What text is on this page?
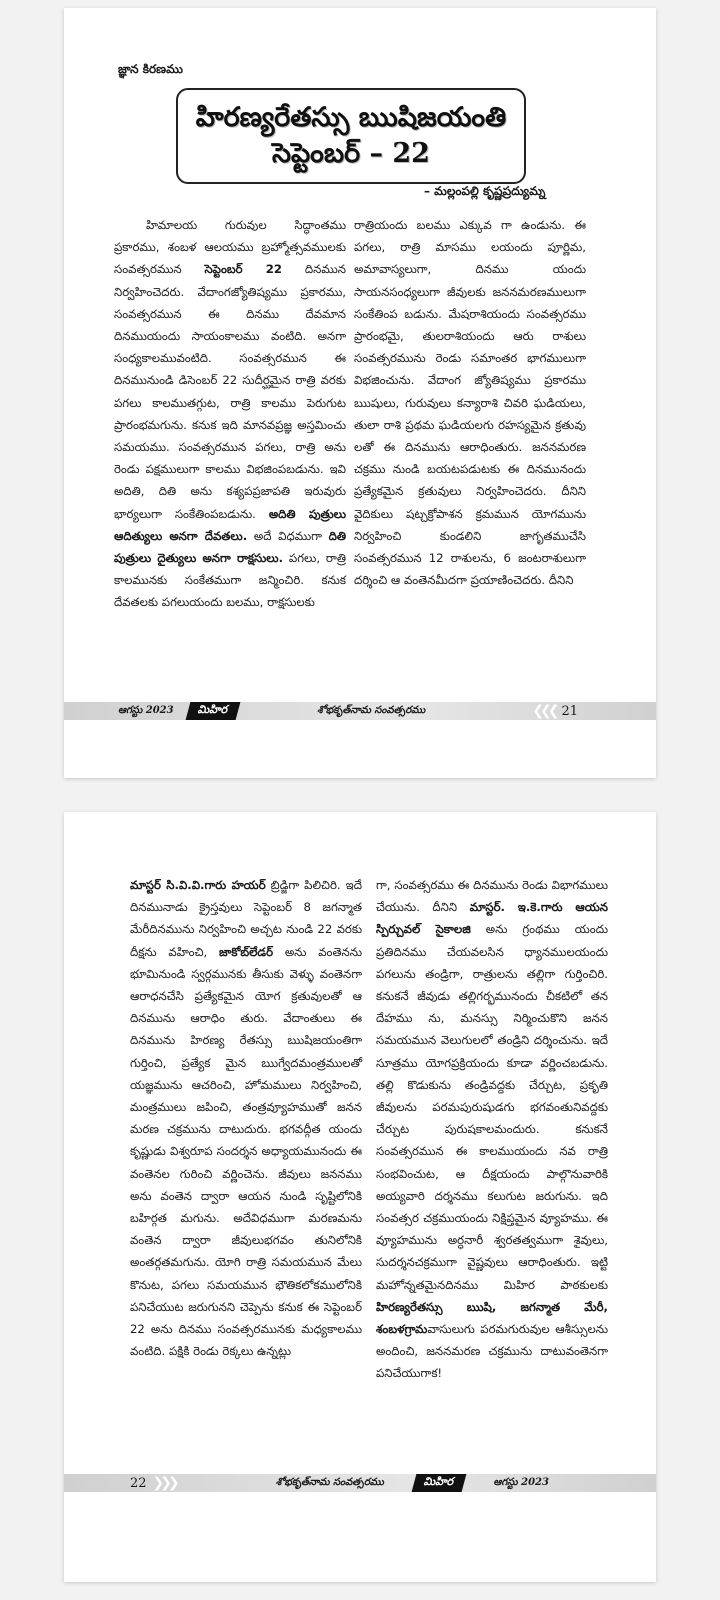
జ్ఞాన కిరణము
హిరణ్యరేతస్సు ఋషిజయంతి
సెప్టెంబర్ – 22
– మల్లంపల్లి కృష్ణప్రద్యుమ్న

హిమాలయ గురువుల సిద్ధాంతము ప్రకారము, శంబళ ఆలయము బ్రహ్మోత్సవములకు సంవత్సరమున సెప్టెంబర్ 22 దినమున నిర్వహించెదరు. వేదాంగజ్యోతిష్యము ప్రకారము, సంవత్సరమున ఈ దినము దేవమాన దినముయందు సాయంకాలము వంటిది. అనగా సంధ్యకాలమువంటిది. సంవత్సరమున ఈ దినమునుండి డిసెంబర్ 22 సుదీర్ఘమైన రాత్రి వరకు పగలు కాలముతగ్గుట, రాత్రి కాలము పెరుగుట ప్రారంభమగును. కనుక ఇది మానవప్రజ్ఞ అస్తమించు సమయము. సంవత్సరమున పగలు, రాత్రి అను రెండు పక్షములుగా కాలము విభజింపబడును. ఇవి అదితి, దితి అను కశ్యపప్రజాపతి ఇరువురు భార్యలుగా సంకేతింపబడును. అదితి పుత్రులు ఆదిత్యులు అనగా దేవతలు. అదే విధముగా దితి పుత్రులు దైత్యులు అనగా రాక్షసులు. పగలు, రాత్రి కాలమునకు సంకేతముగా జన్మించిరి. కనుక దేవతలకు పగలుయందు బలము, రాక్షసులకు

రాత్రియందు బలము ఎక్కువ గా ఉండును. ఈ పగలు, రాత్రి మాసము లయందు పూర్ణిమ, అమావాస్యలుగా, దినము యందు సాయనసంధ్యలుగా జీవులకు జననమరణములుగా సంకేతింప బడును. మేషరాశియందు సంవత్సరము ప్రారంభమై, తులరాశియందు ఆరు రాశులు సంవత్సరమును రెండు సమాంతర భాగములుగా విభజించును. వేదాంగ జ్యోతిష్యము ప్రకారము ఋషులు, గురువులు కన్యారాశి చివరి ఘడియలు, తులా రాశి ప్రథమ ఘడియలగు రహస్యమైన క్రతువు లతో ఈ దినమును ఆరాధింతురు. జననమరణ చక్రము నుండి బయటపడుటకు ఈ దినమునందు ప్రత్యేకమైన క్రతువులు నిర్వహించెదరు. దీనిని వైదికులు షట్చక్రోపాశన క్రమమున యోగమును నిర్వహించి కుండలిని జాగృతముచేసి సంవత్సరమున 12 రాశులను, 6 జంటరాశులుగా దర్శించి ఆ వంతెనమీదగా ప్రయాణించెదరు. దీనిని

ఆగస్టు 2023	మిహిర	శోభకృత్‌నామ సంవత్సరము	❮❮❮ 21

మాస్టర్ సి.వి.వి.గారు హయర్ బ్రిడ్జిగా పిలిచిరి. ఇదే దినమునాడు క్రైస్తవులు సెప్టెంబర్ 8 జగన్మాత మేరీదినమును నిర్వహించి అచ్చట నుండి 22 వరకు దీక్షను వహించి, జాకోబ్‌లేడర్ అను వంతెనను భూమినుండి స్వర్గమునకు తీసుకు వెళ్ళు వంతెనగా ఆరాధనచేసి ప్రత్యేకమైన యోగ క్రతువులతో ఆ దినమును ఆరాధిం తురు. వేదాంతులు ఈ దినమును హిరణ్య రేతస్సు ఋషిజయంతిగా గుర్తించి, ప్రత్యేక మైన ఋగ్వేదమంత్రములతో యజ్ఞమును ఆచరించి, హోమములు నిర్వహించి, మంత్రములు జపించి, తంత్రవ్యూహముతో జనన మరణ చక్రమును దాటుదురు. భగవద్గీత యందు కృష్ణుడు విశ్వరూప సందర్శన అధ్యాయమునందు ఈ వంతెనల గురించి వర్ణించెను. జీవులు జననము అను వంతెన ద్వారా ఆయన నుండి సృష్టిలోనికి బహిర్గత మగును. అదేవిధముగా మరణమను వంతెన ద్వారా జీవులుభగవం తునిలోనికి అంతర్గతమగును. యోగి రాత్రి సమయమున మేలు కొనుట, పగలు సమయమున భౌతికలోకములోనికి పనిచేయుట జరుగునని చెప్పెను కనుక ఈ సెప్టెంబర్ 22 అను దినము సంవత్సరమునకు మధ్యకాలము వంటిది. పక్షికి రెండు రెక్కలు ఉన్నట్లు

గా, సంవత్సరము ఈ దినమును రెండు విభాగములు చేయును. దీనిని మాస్టర్. ఇ.కె.గారు ఆయన స్పిర్చువల్ సైకాలజి అను గ్రంథము యందు ప్రతిదినము చేయవలసిన ధ్యానములయందు పగలును తండ్రిగా, రాత్రులను తల్లిగా గుర్తించిరి. కనుకనే జీవుడు తల్లిగర్భమునందు చీకటిలో తన దేహము ను, మనస్సు నిర్మించుకొని జనన సమయమున వెలుగులలో తండ్రిని దర్శించును. ఇదే సూత్రము యోగప్రక్రియందు కూడా వర్ణించబడును. తల్లి కొడుకును తండ్రివద్దకు చేర్చుట, ప్రకృతి జీవులను పరమపురుషుడగు భగవంతునివద్దకు చేర్చుట పురుషకాలమందురు. కనుకనే సంవత్సరమున ఈ కాలముయందు నవ రాత్రి సంభవించుట, ఆ దీక్షయందు పాల్గొనువారికి అయ్యవారి దర్శనము కలుగుట జరుగును. ఇది సంవత్సర చక్రముయందు నిక్షిప్తమైన వ్యూహము. ఈ వ్యూహమును అర్ధనారీ శ్వరతత్వముగా శైవులు, సుదర్శనచక్రముగా వైష్ణవులు ఆరాధింతురు. ఇట్టి మహోన్నతమైనదినము మిహిర పాఠకులకు హిరణ్యరేతస్సు ఋషి, జగన్మాత మేరీ, శంబళగ్రామవాసులుగు పరమగురువుల ఆశీస్సులను అందించి, జననమరణ చక్రమును దాటువంతెనగా పనిచేయుగాక!

22 ❯❯❯	శోభకృత్‌నామ సంవత్సరము	మిహిర	ఆగస్టు 2023
